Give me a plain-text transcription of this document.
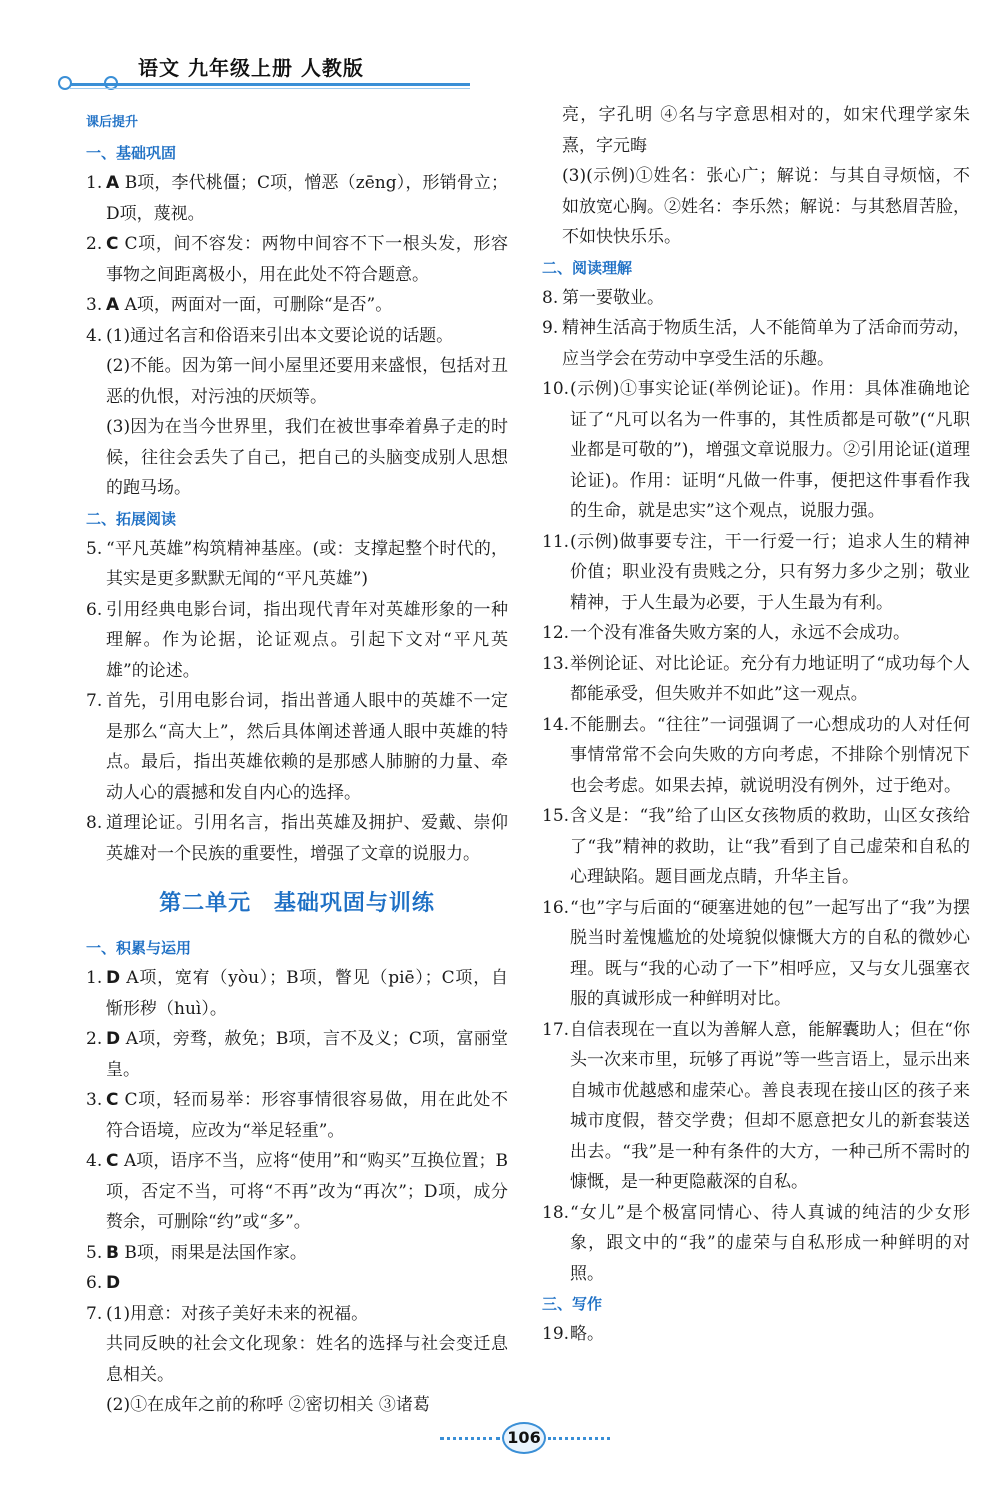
语文 九年级上册 人教版
课后提升
一、基础巩固
1. A B项，李代桃僵；C项，憎恶（zēng），形销骨立；D项，蔑视。
2. C C项，间不容发：两物中间容不下一根头发，形容事物之间距离极小，用在此处不符合题意。
3. A A项，两面对一面，可删除“是否”。
4. (1)通过名言和俗语来引出本文要论说的话题。
(2)不能。因为第一间小屋里还要用来盛恨，包括对丑恶的仇恨，对污浊的厌烦等。
(3)因为在当今世界里，我们在被世事牵着鼻子走的时候，往往会丢失了自己，把自己的头脑变成别人思想的跑马场。
二、拓展阅读
5. “平凡英雄”构筑精神基座。(或：支撑起整个时代的，其实是更多默默无闻的“平凡英雄”)
6. 引用经典电影台词，指出现代青年对英雄形象的一种理解。作为论据，论证观点。引起下文对“平凡英雄”的论述。
7. 首先，引用电影台词，指出普通人眼中的英雄不一定是那么“高大上”，然后具体阐述普通人眼中英雄的特点。最后，指出英雄依赖的是那感人肺腑的力量、牵动人心的震撼和发自内心的选择。
8. 道理论证。引用名言，指出英雄及拥护、爱戴、崇仰英雄对一个民族的重要性，增强了文章的说服力。
第二单元 基础巩固与训练
一、积累与运用
1. D A项，宽宥（yòu）；B项，瞥见（piē）；C项，自惭形秽（huì）。
2. D A项，旁骛，赦免；B项，言不及义；C项，富丽堂皇。
3. C C项，轻而易举：形容事情很容易做，用在此处不符合语境，应改为“举足轻重”。
4. C A项，语序不当，应将“使用”和“购买”互换位置；B项，否定不当，可将“不再”改为“再次”；D项，成分赘余，可删除“约”或“多”。
5. B B项，雨果是法国作家。
6. D
7. (1)用意：对孩子美好未来的祝福。
共同反映的社会文化现象：姓名的选择与社会变迁息息相关。
(2)①在成年之前的称呼 ②密切相关 ③诸葛
亮，字孔明 ④名与字意思相对的，如宋代理学家朱熹，字元晦
(3)(示例)①姓名：张心广；解说：与其自寻烦恼，不如放宽心胸。②姓名：李乐然；解说：与其愁眉苦脸，不如快快乐乐。
二、阅读理解
8. 第一要敬业。
9. 精神生活高于物质生活，人不能简单为了活命而劳动，应当学会在劳动中享受生活的乐趣。
10. (示例)①事实论证(举例论证)。作用：具体准确地论证了“凡可以名为一件事的，其性质都是可敬”(“凡职业都是可敬的”)，增强文章说服力。②引用论证(道理论证)。作用：证明“凡做一件事，便把这件事看作我的生命，就是忠实”这个观点，说服力强。
11. (示例)做事要专注，干一行爱一行；追求人生的精神价值；职业没有贵贱之分，只有努力多少之别；敬业精神，于人生最为必要，于人生最为有利。
12. 一个没有准备失败方案的人，永远不会成功。
13. 举例论证、对比论证。充分有力地证明了“成功每个人都能承受，但失败并不如此”这一观点。
14. 不能删去。“往往”一词强调了一心想成功的人对任何事情常常不会向失败的方向考虑，不排除个别情况下也会考虑。如果去掉，就说明没有例外，过于绝对。
15. 含义是：“我”给了山区女孩物质的救助，山区女孩给了“我”精神的救助，让“我”看到了自己虚荣和自私的心理缺陷。题目画龙点睛，升华主旨。
16. “也”字与后面的“硬塞进她的包”一起写出了“我”为摆脱当时羞愧尴尬的处境貌似慷慨大方的自私的微妙心理。既与“我的心动了一下”相呼应，又与女儿强塞衣服的真诚形成一种鲜明对比。
17. 自信表现在一直以为善解人意，能解囊助人；但在“你头一次来市里，玩够了再说”等一些言语上，显示出来自城市优越感和虚荣心。善良表现在接山区的孩子来城市度假，替交学费；但却不愿意把女儿的新套装送出去。“我”是一种有条件的大方，一种己所不需时的慷慨，是一种更隐蔽深的自私。
18. “女儿”是个极富同情心、待人真诚的纯洁的少女形象，跟文中的“我”的虚荣与自私形成一种鲜明的对照。
三、写作
19. 略。
106
